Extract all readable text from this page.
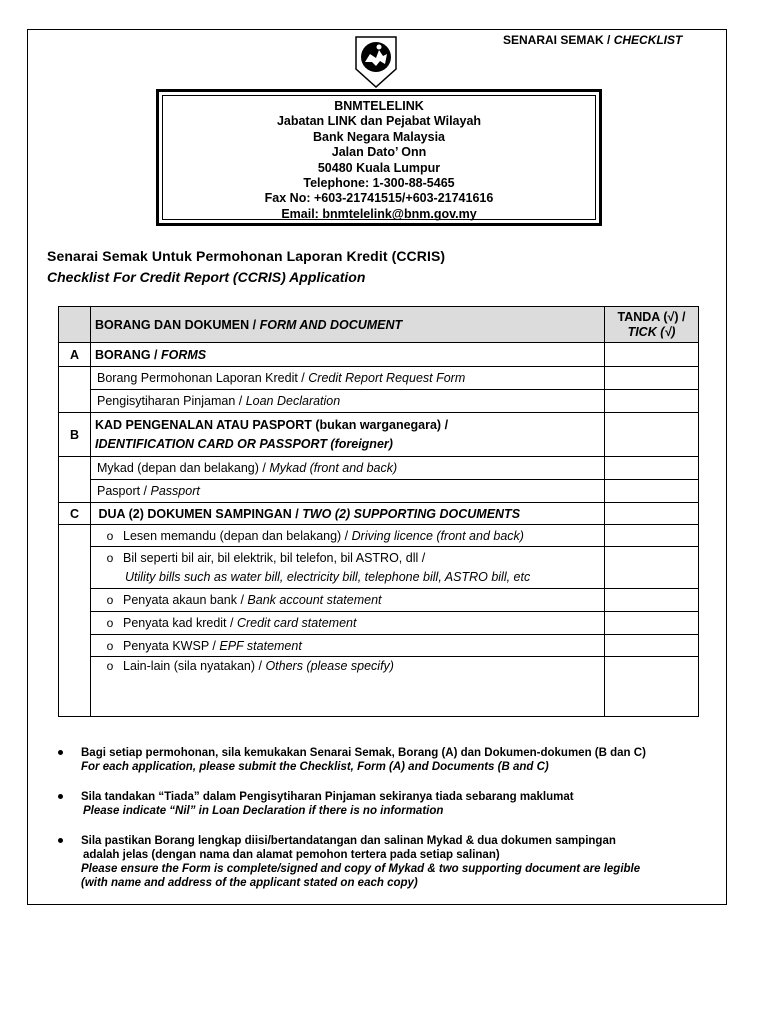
SENARAI SEMAK / CHECKLIST
BNMTELELINK
Jabatan LINK dan Pejabat Wilayah
Bank Negara Malaysia
Jalan Dato’ Onn
50480 Kuala Lumpur
Telephone: 1-300-88-5465
Fax No: +603-21741515/+603-21741616
Email: bnmtelelink@bnm.gov.my
Senarai Semak Untuk Permohonan Laporan Kredit (CCRIS)
Checklist For Credit Report (CCRIS) Application
	BORANG DAN DOKUMEN / FORM AND DOCUMENT	TANDA (√) /
TICK (√)

A	BORANG / FORMS	
	Borang Permohonan Laporan Kredit / Credit Report Request Form	
	Pengisytiharan Pinjaman / Loan Declaration	
B	KAD PENGENALAN ATAU PASPORT (bukan warganegara) /
IDENTIFICATION CARD OR PASSPORT (foreigner)	

	Mykad (depan dan belakang) / Mykad (front and back)	
	Pasport / Passport	
C	DUA (2) DOKUMEN SAMPINGAN / TWO (2) SUPPORTING DOCUMENTS	
	o Lesen memandu (depan dan belakang) / Driving licence (front and back)	

	o Bil seperti bil air, bil elektrik, bil telefon, bil ASTRO, dll /
Utility bills such as water bill, electricity bill, telephone bill, ASTRO bill, etc	

	o Penyata akaun bank / Bank account statement	
	o Penyata kad kredit / Credit card statement	
	o Penyata KWSP / EPF statement	
	o Lain-lain (sila nyatakan) / Others (please specify)	
Bagi setiap permohonan, sila kemukakan Senarai Semak, Borang (A) dan Dokumen-dokumen (B dan C)
For each application, please submit the Checklist, Form (A) and Documents (B and C)
Sila tandakan “Tiada” dalam Pengisytiharan Pinjaman sekiranya tiada sebarang maklumat
Please indicate “Nil” in Loan Declaration if there is no information
Sila pastikan Borang lengkap diisi/bertandatangan dan salinan Mykad & dua dokumen sampingan
adalah jelas (dengan nama dan alamat pemohon tertera pada setiap salinan)
Please ensure the Form is complete/signed and copy of Mykad & two supporting document are legible
(with name and address of the applicant stated on each copy)
